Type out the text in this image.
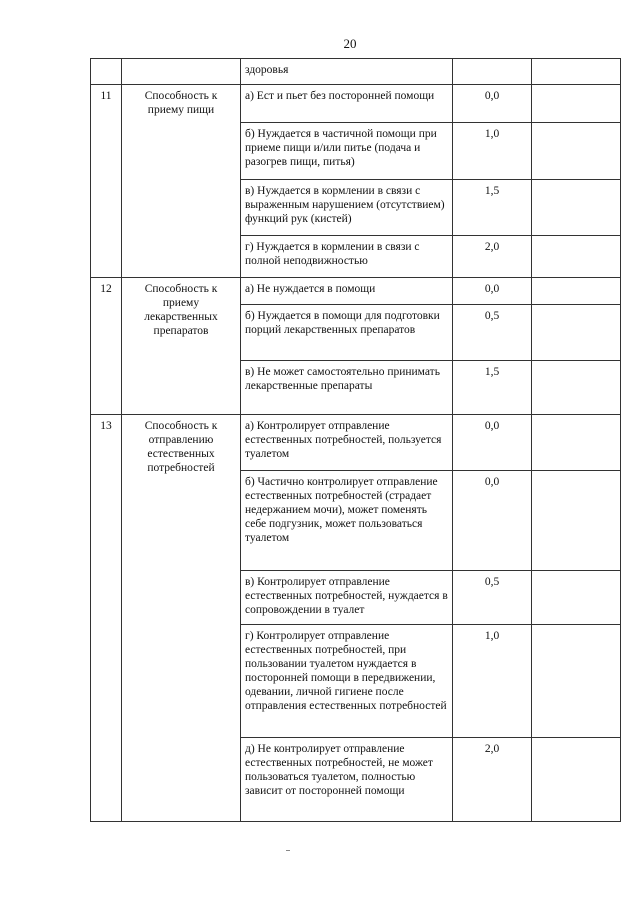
20
		здоровья		
11	Способность к приему пищи	а) Ест и пьет без посторонней помощи	0,0	
		б) Нуждается в частичной помощи при приеме пищи и/или питье (подача и разогрев пищи, питья)	1,0	
		в) Нуждается в кормлении в связи с выраженным нарушением (отсутствием) функций рук (кистей)	1,5	
		г) Нуждается в кормлении в связи с полной неподвижностью	2,0	
12	Способность к приему лекарственных препаратов	а) Не нуждается в помощи	0,0	
		б) Нуждается в помощи для подготовки порций лекарственных препаратов	0,5	
		в) Не может самостоятельно принимать лекарственные препараты	1,5	
13	Способность к отправлению естественных потребностей	а) Контролирует отправление естественных потребностей, пользуется туалетом	0,0	
		б) Частично контролирует отправление естественных потребностей (страдает недержанием мочи), может поменять себе подгузник, может пользоваться туалетом	0,0	
		в) Контролирует отправление естественных потребностей, нуждается в сопровождении в туалет	0,5	
		г) Контролирует отправление естественных потребностей, при пользовании туалетом нуждается в посторонней помощи в передвижении, одевании, личной гигиене после отправления естественных потребностей	1,0	
		д) Не контролирует отправление естественных потребностей, не может пользоваться туалетом, полностью зависит от посторонней помощи	2,0	
